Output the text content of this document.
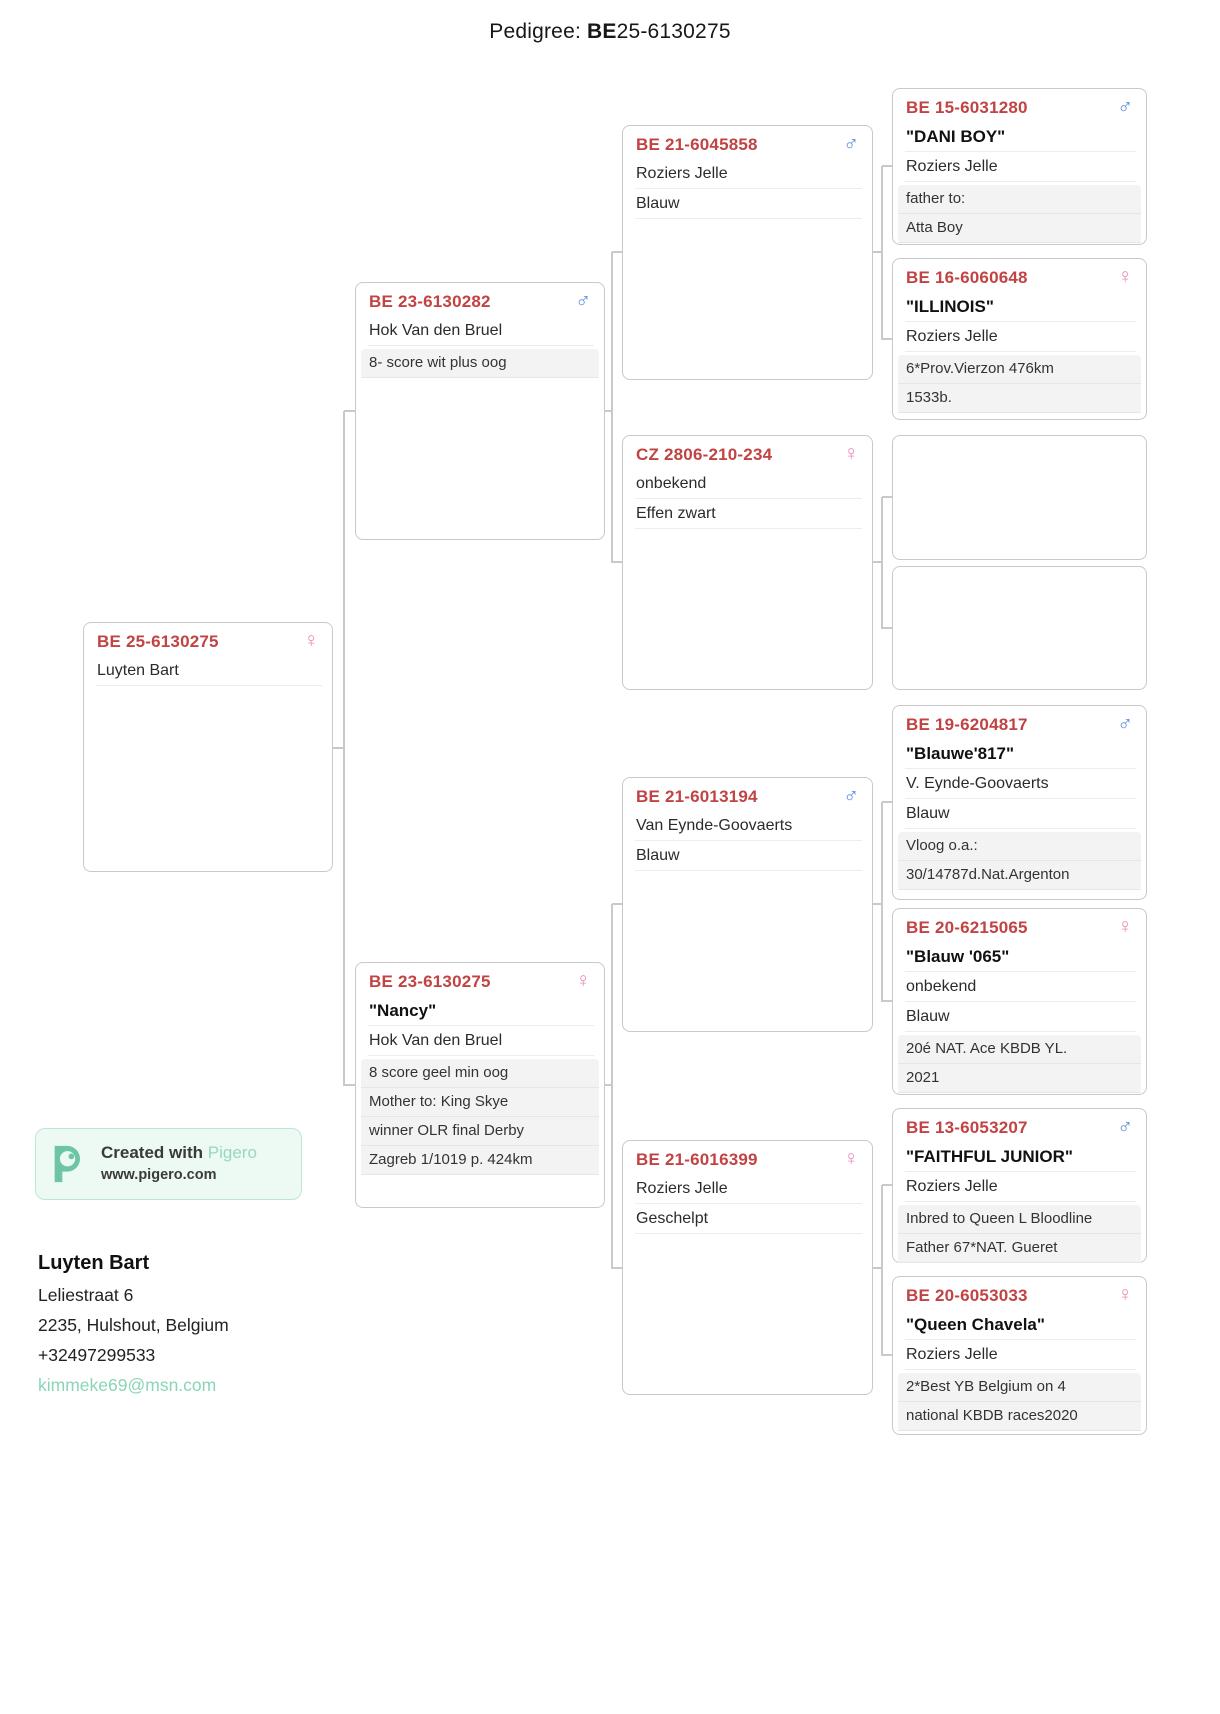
Pedigree: BE25-6130275
BE 25-6130275	♀
Luyten Bart
BE 23-6130282	♂
Hok Van den Bruel
8- score wit plus oog
BE 23-6130275	♀
"Nancy"
Hok Van den Bruel
8 score geel min oog
Mother to: King Skye
winner OLR final Derby
Zagreb 1/1019 p. 424km
BE 21-6045858	♂
Roziers Jelle
Blauw
CZ 2806-210-234	♀
onbekend
Effen zwart
BE 21-6013194	♂
Van Eynde-Goovaerts
Blauw
BE 21-6016399	♀
Roziers Jelle
Geschelpt
BE 15-6031280	♂
"DANI BOY"
Roziers Jelle
father to:
Atta Boy
BE 16-6060648	♀
"ILLINOIS"
Roziers Jelle
6*Prov.Vierzon 476km
1533b.
BE 19-6204817	♂
"Blauwe'817"
V. Eynde-Goovaerts
Blauw
Vloog o.a.:
30/14787d.Nat.Argenton
BE 20-6215065	♀
"Blauw '065"
onbekend
Blauw
20é NAT. Ace KBDB YL.
2021
BE 13-6053207	♂
"FAITHFUL JUNIOR"
Roziers Jelle
Inbred to Queen L Bloodline
Father 67*NAT. Gueret
BE 20-6053033	♀
"Queen Chavela"
Roziers Jelle
2*Best YB Belgium on 4
national KBDB races2020
Created with Pigero
www.pigero.com
Luyten Bart
Leliestraat 6
2235, Hulshout, Belgium
+32497299533
kimmeke69@msn.com
